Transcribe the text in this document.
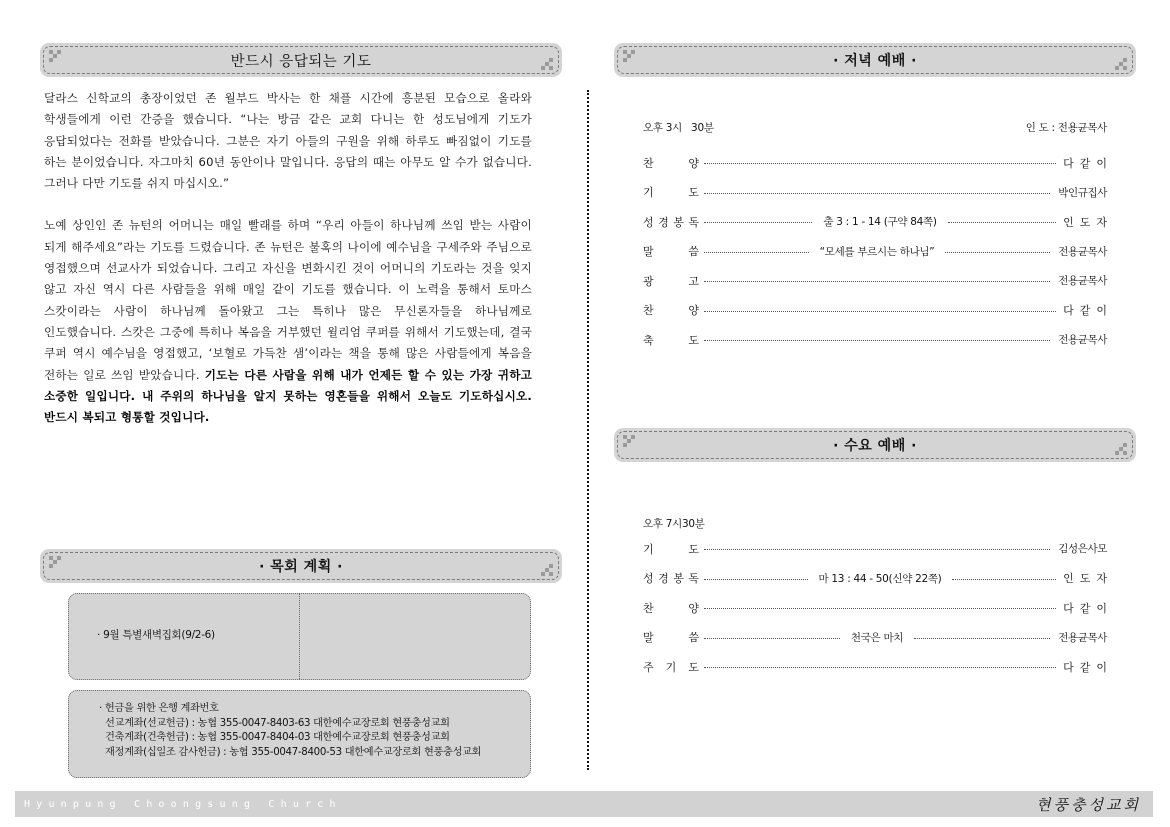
반드시 응답되는 기도

달라스 신학교의 총장이었던 존 월부드 박사는 한 채플 시간에 흥분된 모습으로 올라와 학생들에게 이런 간증을 했습니다. “나는 방금 같은 교회 다니는 한 성도님에게 기도가 응답되었다는 전화를 받았습니다. 그분은 자기 아들의 구원을 위해 하루도 빠짐없이 기도를 하는 분이었습니다. 자그마치 60년 동안이나 말입니다. 응답의 때는 아무도 알 수가 없습니다. 그러나 다만 기도를 쉬지 마십시오.”

노예 상인인 존 뉴턴의 어머니는 매일 빨래를 하며 “우리 아들이 하나님께 쓰임 받는 사람이 되게 해주세요”라는 기도를 드렸습니다. 존 뉴턴은 불혹의 나이에 예수님을 구세주와 주님으로 영접했으며 선교사가 되었습니다. 그리고 자신을 변화시킨 것이 어머니의 기도라는 것을 잊지 않고 자신 역시 다른 사람들을 위해 매일 같이 기도를 했습니다. 이 노력을 통해서 토마스 스캇이라는 사람이 하나님께 돌아왔고 그는 특히나 많은 무신론자들을 하나님께로 인도했습니다. 스캇은 그중에 특히나 복음을 거부했던 윌리엄 쿠퍼를 위해서 기도했는데, 결국 쿠퍼 역시 예수님을 영접했고, ‘보혈로 가득찬 샘’이라는 책을 통해 많은 사람들에게 복음을 전하는 일로 쓰임 받았습니다. 기도는 다른 사람을 위해 내가 언제든 할 수 있는 가장 귀하고 소중한 일입니다. 내 주위의 하나님을 알지 못하는 영혼들을 위해서 오늘도 기도하십시오. 반드시 복되고 형통할 것입니다.

· 목회 계획 ·
· 9월 특별새벽집회(9/2-6)
· 헌금을 위한 은행 계좌번호
선교계좌(선교헌금) : 농협 355-0047-8403-63 대한예수교장로회 현풍충성교회
건축계좌(건축헌금) : 농협 355-0047-8404-03 대한예수교장로회 현풍충성교회
재정계좌(십일조 감사헌금) : 농협 355-0047-8400-53 대한예수교장로회 현풍충성교회
· 저녁 예배 ·
오후 3시   30분	인 도 : 전용균목사
찬	양	다같이
기	도	박인규집사
성 경 봉 독	출 3 : 1 - 14 (구약 84쪽)	인도자
말	씀	“모세를 부르시는 하나님”	전용균목사
광	고	전용균목사
찬	양	다같이
축	도	전용균목사
· 수요 예배 ·
오후 7시30분
기	도	김성은사모
성 경 봉 독	마 13 : 44 - 50(신약 22쪽)	인도자
찬	양	다같이
말	씀	천국은 마치	전용균목사
주 기 도	다같이
Hyunpung Choongsung Church	현풍충성교회
